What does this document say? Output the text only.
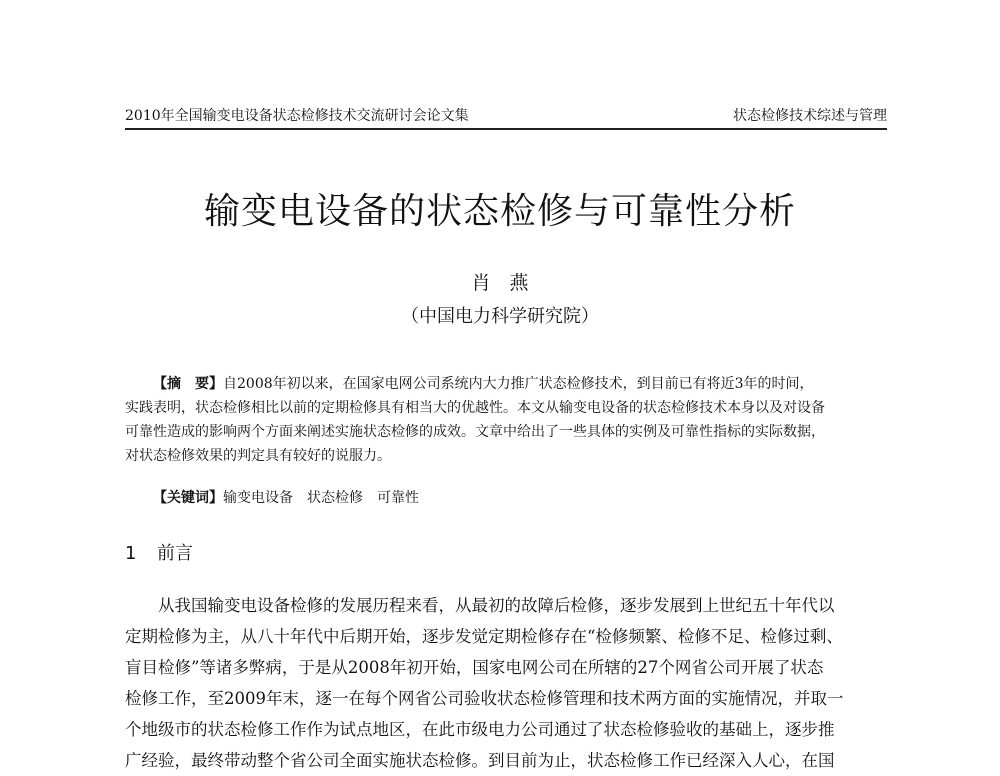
2010年全国输变电设备状态检修技术交流研讨会论文集	状态检修技术综述与管理
输变电设备的状态检修与可靠性分析
肖　燕
（中国电力科学研究院）
【摘　要】自2008年初以来，在国家电网公司系统内大力推广状态检修技术，到目前已有将近3年的时间，
实践表明，状态检修相比以前的定期检修具有相当大的优越性。本文从输变电设备的状态检修技术本身以及对设备
可靠性造成的影响两个方面来阐述实施状态检修的成效。文章中给出了一些具体的实例及可靠性指标的实际数据，
对状态检修效果的判定具有较好的说服力。
【关键词】输变电设备　状态检修　可靠性
1 前言
从我国输变电设备检修的发展历程来看，从最初的故障后检修，逐步发展到上世纪五十年代以
定期检修为主，从八十年代中后期开始，逐步发觉定期检修存在“检修频繁、检修不足、检修过剩、
盲目检修”等诸多弊病，于是从2008年初开始，国家电网公司在所辖的27个网省公司开展了状态
检修工作，至2009年末，逐一在每个网省公司验收状态检修管理和技术两方面的实施情况，并取一
个地级市的状态检修工作作为试点地区，在此市级电力公司通过了状态检修验收的基础上，逐步推
广经验，最终带动整个省公司全面实施状态检修。到目前为止，状态检修工作已经深入人心，在国
